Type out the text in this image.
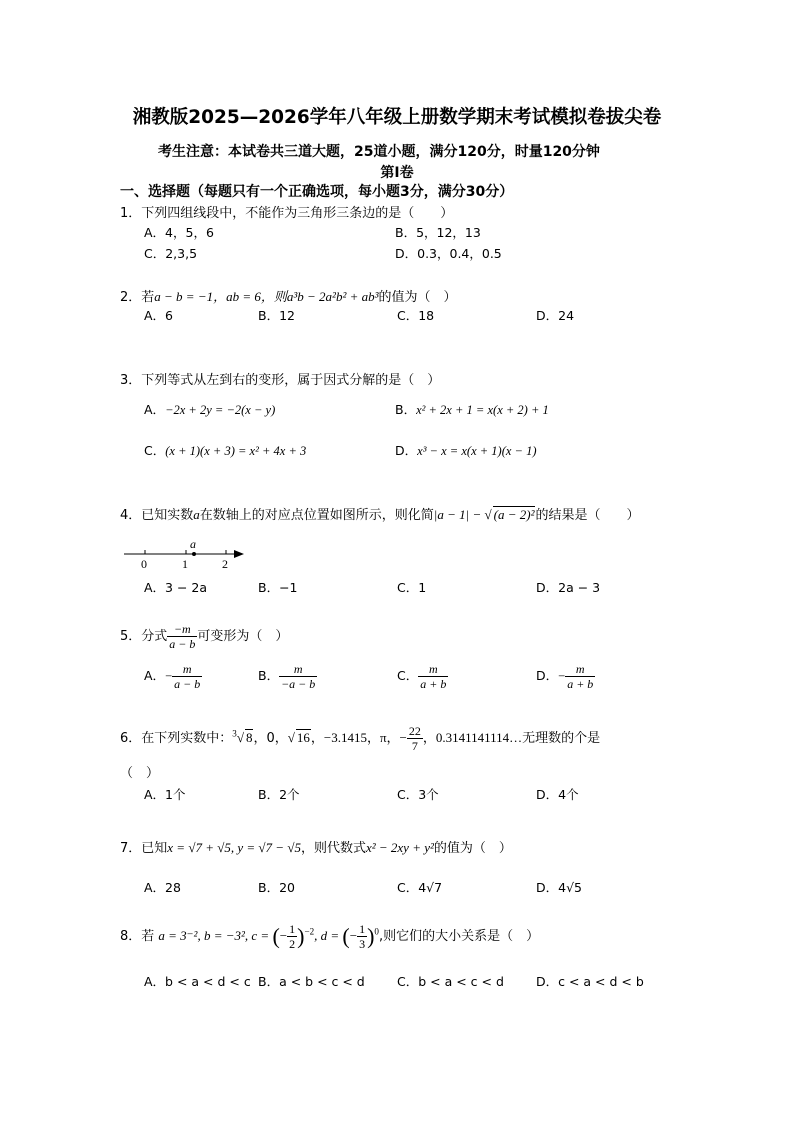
湘教版2025—2026学年八年级上册数学期末考试模拟卷拔尖卷
考生注意：本试卷共三道大题，25道小题，满分120分，时量120分钟
第Ⅰ卷
一、选择题（每题只有一个正确选项，每小题3分，满分30分）
1．下列四组线段中，不能作为三角形三条边的是（　　）
A．4，5，6	B．5，12，13
C．2,3,5	D．0.3，0.4，0.5
2．若a − b = −1，ab = 6，则a³b − 2a²b² + ab³的值为（　）
A．6	B．12	C．18	D．24
3．下列等式从左到右的变形，属于因式分解的是（　）
A．−2x + 2y = −2(x − y)	B．x² + 2x + 1 = x(x + 2) + 1
C．(x + 1)(x + 3) = x² + 4x + 3	D．x³ − x = x(x + 1)(x − 1)
4．已知实数a在数轴上的对应点位置如图所示，则化简|a − 1| − √ (a − 2)²的结果是（　　）
a
0	1	2
A．3 − 2a	B．−1	C．1	D．2a − 3
5．分式 $\frac{-m}{a - b}$ 可变形为（　）
A．− $\frac{m}{a - b}$	B． $\frac{m}{-a - b}$	C． $\frac{m}{a + b}$	D．− $\frac{m}{a + b}$
6．在下列实数中：$^3$√ 8，0，√ 16，−3.1415，π，− $\frac{22}{7}$ ，0.3141141114…无理数的个是
（　）
A．1个	B．2个	C．3个	D．4个
7．已知x = √7 + √5, y = √7 − √5，则代数式x² − 2xy + y²的值为（　）
A．28	B．20	C．4√7	D．4√5
8．若 a = 3⁻², b = −3², c = (− $\frac{1}{2} )^{-2}$, d = (− $\frac{1}{3} )^0$,则它们的大小关系是（　）
A．b < a < d < c B．a < b < c < d	C．b < a < c < d	D．c < a < d < b
